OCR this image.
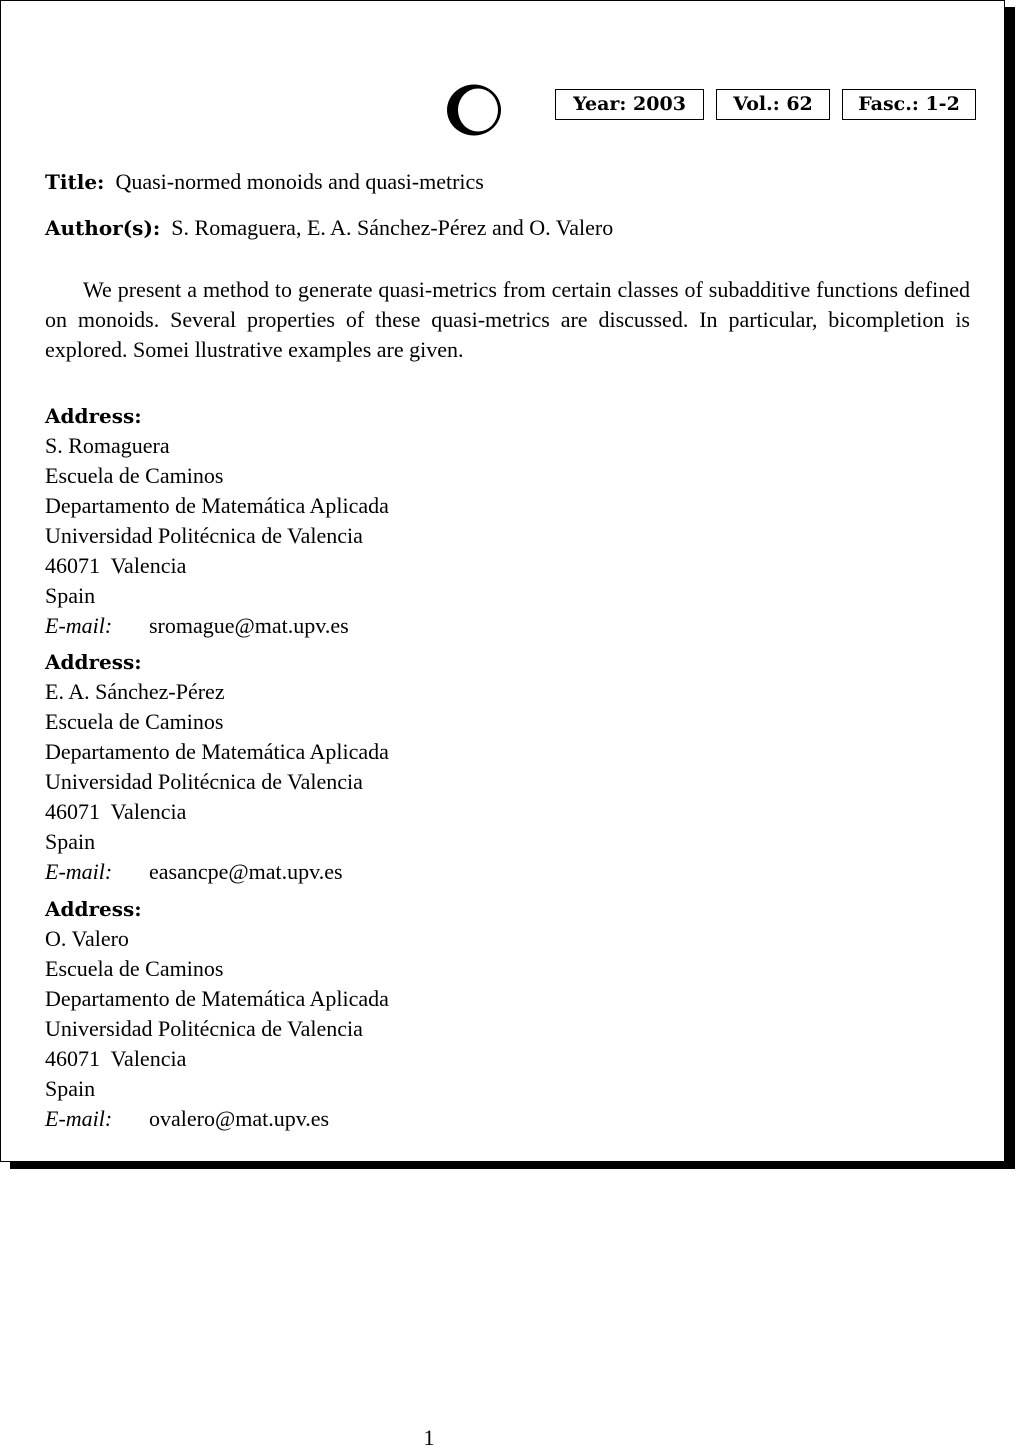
Year: 2003	Vol.: 62	Fasc.: 1-2
Title: Quasi-normed monoids and quasi-metrics
Author(s): S. Romaguera, E. A. Sánchez-Pérez and O. Valero

We present a method to generate quasi-metrics from certain classes of subadditive functions defined on monoids. Several properties of these quasi-metrics are discussed. In particular, bicompletion is explored. Somei llustrative examples are given.

Address:
S. Romaguera
Escuela de Caminos
Departamento de Matemática Aplicada
Universidad Politécnica de Valencia
46071  Valencia
Spain
E-mail: sromague@mat.upv.es
Address:
E. A. Sánchez-Pérez
Escuela de Caminos
Departamento de Matemática Aplicada
Universidad Politécnica de Valencia
46071  Valencia
Spain
E-mail: easancpe@mat.upv.es
Address:
O. Valero
Escuela de Caminos
Departamento de Matemática Aplicada
Universidad Politécnica de Valencia
46071  Valencia
Spain
E-mail: ovalero@mat.upv.es
1
